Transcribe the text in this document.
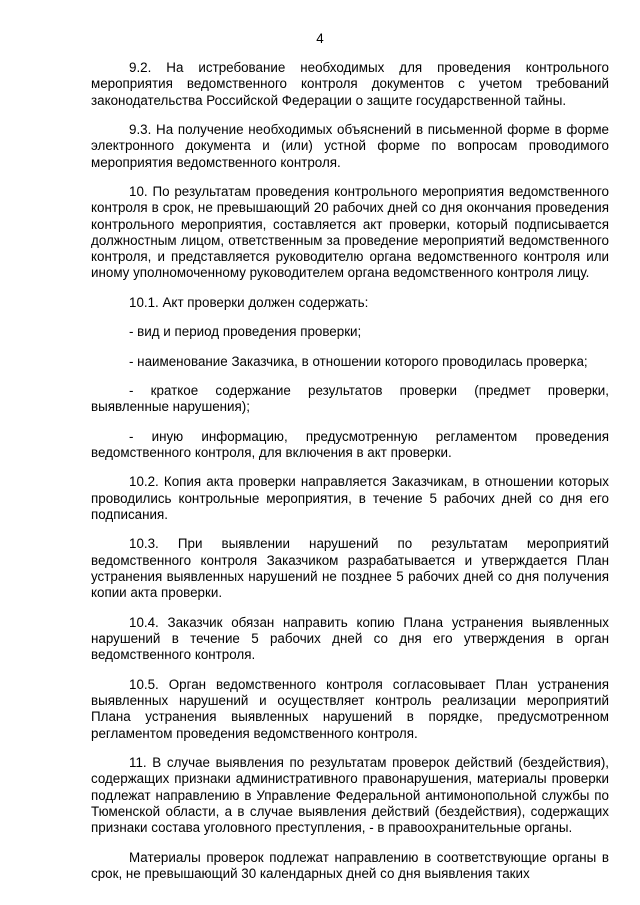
4

9.2. На истребование необходимых для проведения контрольного мероприятия ведомственного контроля документов с учетом требований законодательства Российской Федерации о защите государственной тайны.

9.3. На получение необходимых объяснений в письменной форме в форме электронного документа и (или) устной форме по вопросам проводимого мероприятия ведомственного контроля.

10. По результатам проведения контрольного мероприятия ведомственного контроля в срок, не превышающий 20 рабочих дней со дня окончания проведения контрольного мероприятия, составляется акт проверки, который подписывается должностным лицом, ответственным за проведение мероприятий ведомственного контроля, и представляется руководителю органа ведомственного контроля или иному уполномоченному руководителем органа ведомственного контроля лицу.

10.1. Акт проверки должен содержать:

- вид и период проведения проверки;

- наименование Заказчика, в отношении которого проводилась проверка;

- краткое содержание результатов проверки (предмет проверки, выявленные нарушения);

- иную информацию, предусмотренную регламентом проведения ведомственного контроля, для включения в акт проверки.

10.2. Копия акта проверки направляется Заказчикам, в отношении которых проводились контрольные мероприятия, в течение 5 рабочих дней со дня его подписания.

10.3. При выявлении нарушений по результатам мероприятий ведомственного контроля Заказчиком разрабатывается и утверждается План устранения выявленных нарушений не позднее 5 рабочих дней со дня получения копии акта проверки.

10.4. Заказчик обязан направить копию Плана устранения выявленных нарушений в течение 5 рабочих дней со дня его утверждения в орган ведомственного контроля.

10.5. Орган ведомственного контроля согласовывает План устранения выявленных нарушений и осуществляет контроль реализации мероприятий Плана устранения выявленных нарушений в порядке, предусмотренном регламентом проведения ведомственного контроля.

11. В случае выявления по результатам проверок действий (бездействия), содержащих признаки административного правонарушения, материалы проверки подлежат направлению в Управление Федеральной антимонопольной службы по Тюменской области, а в случае выявления действий (бездействия), содержащих признаки состава уголовного преступления, - в правоохранительные органы.

Материалы проверок подлежат направлению в соответствующие органы в срок, не превышающий 30 календарных дней со дня выявления таких
